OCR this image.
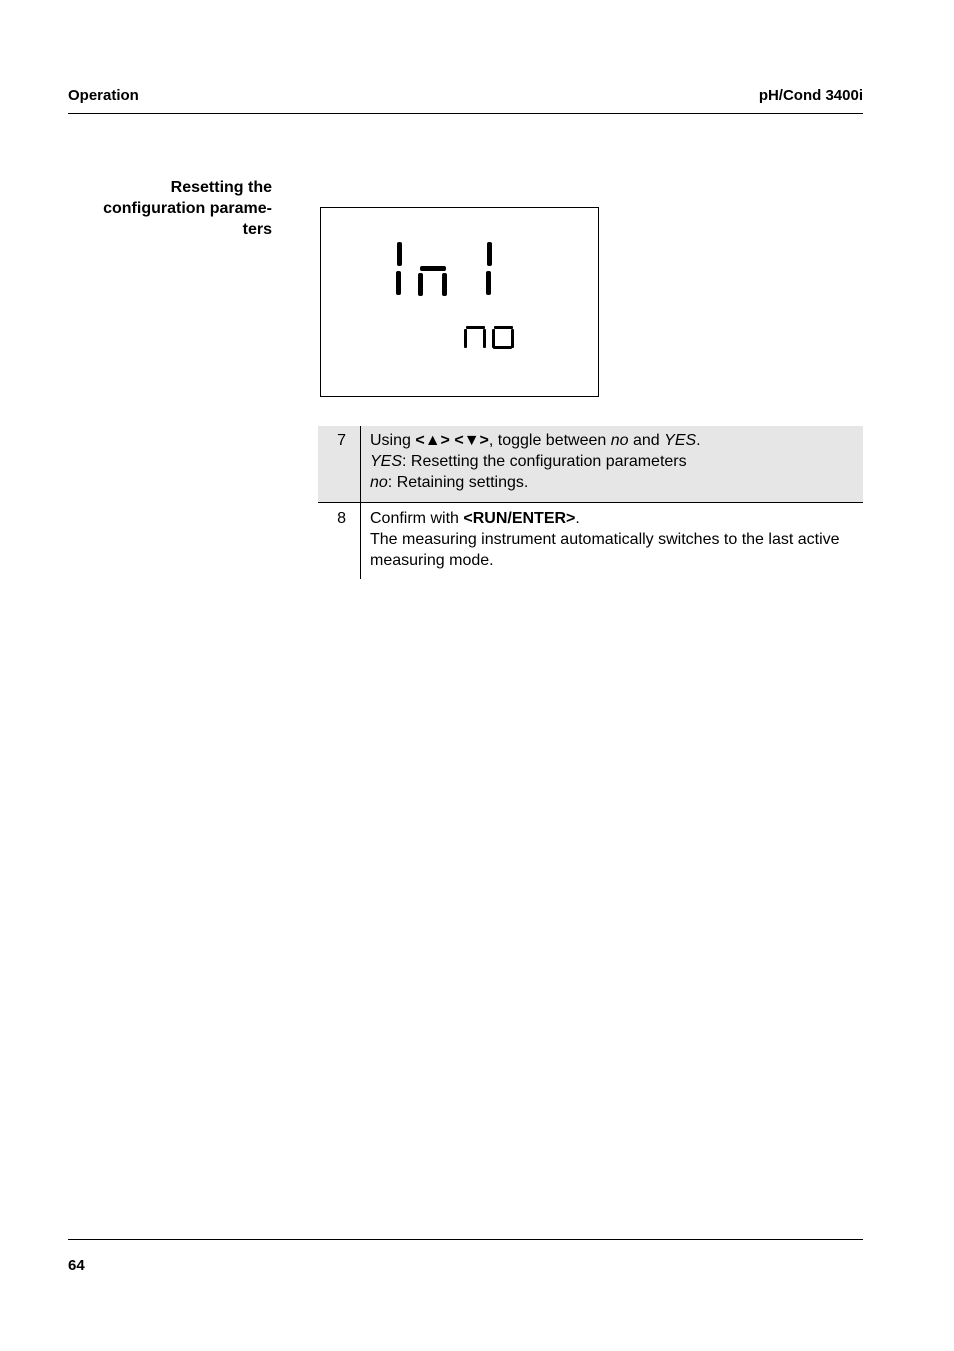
Operation	pH/Cond 3400i
Resetting the
configuration parame-
ters
7	Using <▲> <▼>, toggle between no and YES.

YES: Resetting the configuration parameters

no: Retaining settings.

8	Confirm with <RUN/ENTER>.

The measuring instrument automatically switches to the last active measuring mode.

64
